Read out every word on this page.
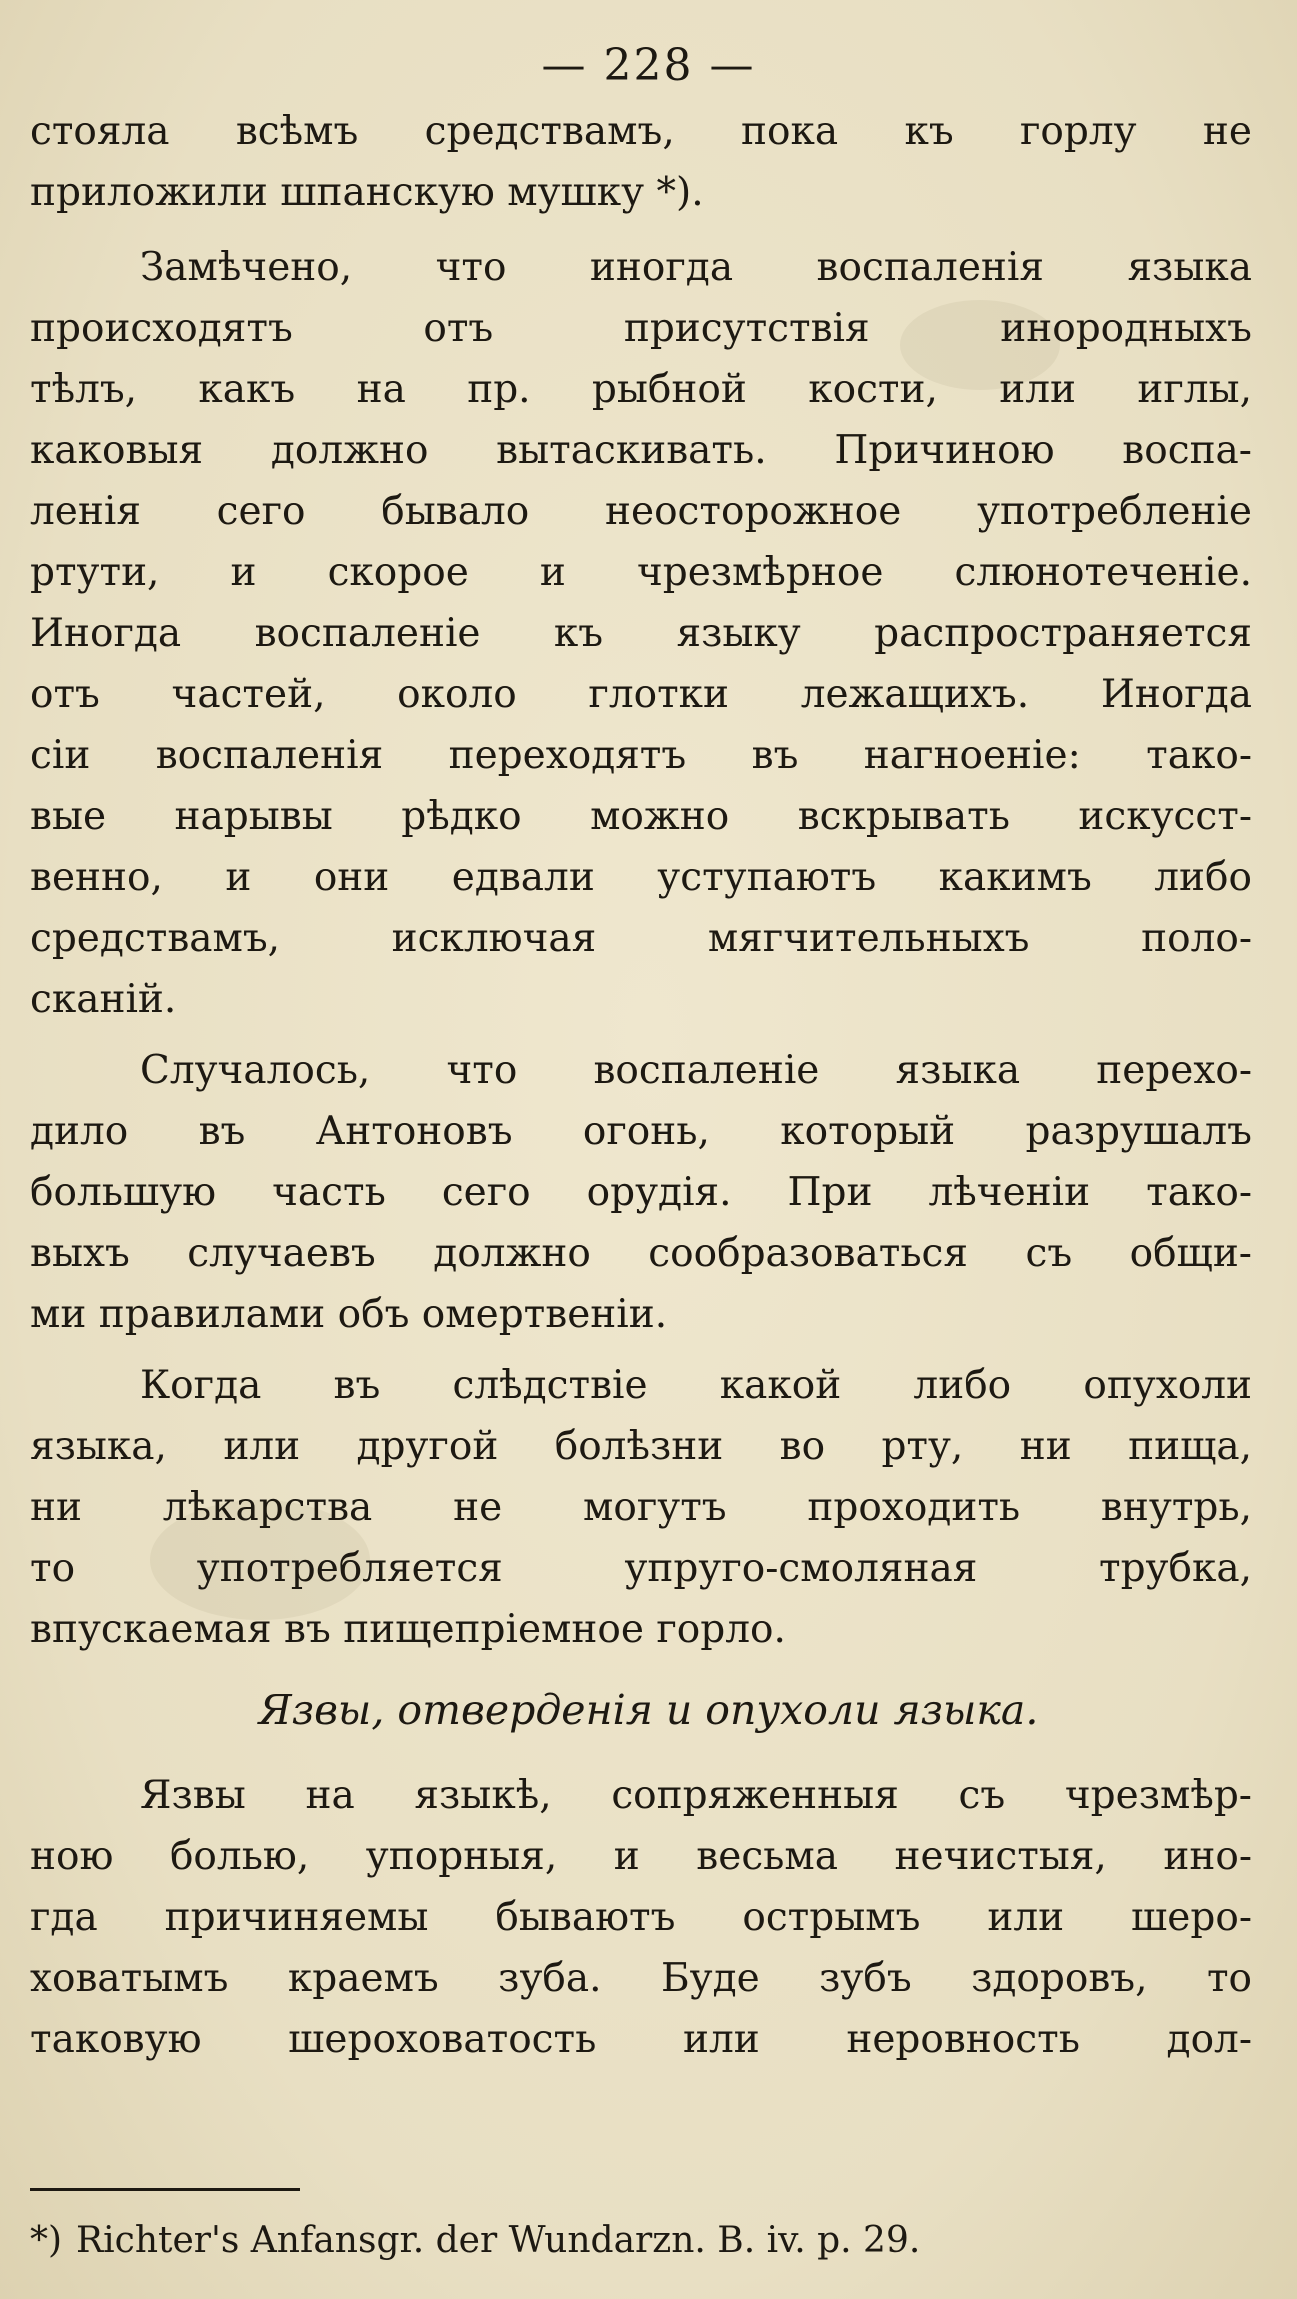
— 228 —
стояла всѣмъ средствамъ, пока къ горлу не
приложили шпанскую мушку *).
Замѣчено, что иногда воспаленія языка
происходятъ отъ присутствія инородныхъ
тѣлъ, какъ на пр. рыбной кости, или иглы,
каковыя должно вытаскивать. Причиною воспа-
ленія сего бывало неосторожное употребленіе
ртути, и скорое и чрезмѣрное слюнотеченіе.
Иногда воспаленіе къ языку распространяется
отъ частей, около глотки лежащихъ. Иногда
сіи воспаленія переходятъ въ нагноеніе: тако-
вые нарывы рѣдко можно вскрывать искусст-
венно, и они едвали уступаютъ какимъ либо
средствамъ, исключая мягчительныхъ поло-
сканій.
Случалось, что воспаленіе языка перехо-
дило въ Антоновъ огонь, который разрушалъ
большую часть сего орудія. При лѣченіи тако-
выхъ случаевъ должно сообразоваться съ общи-
ми правилами объ омертвеніи.
Когда въ слѣдствіе какой либо опухоли
языка, или другой болѣзни во рту, ни пища,
ни лѣкарства не могутъ проходить внутрь,
то употребляется упруго-смоляная трубка,
впускаемая въ пищепріемное горло.
Язвы, отверденія и опухоли языка.
Язвы на языкѣ, сопряженныя съ чрезмѣр-
ною болью, упорныя, и весьма нечистыя, ино-
гда причиняемы бываютъ острымъ или шеро-
ховатымъ краемъ зуба. Буде зубъ здоровъ, то
таковую шероховатость или неровность дол-
*) Richter's Anfansgr. der Wundarzn. B. iv. p. 29.
